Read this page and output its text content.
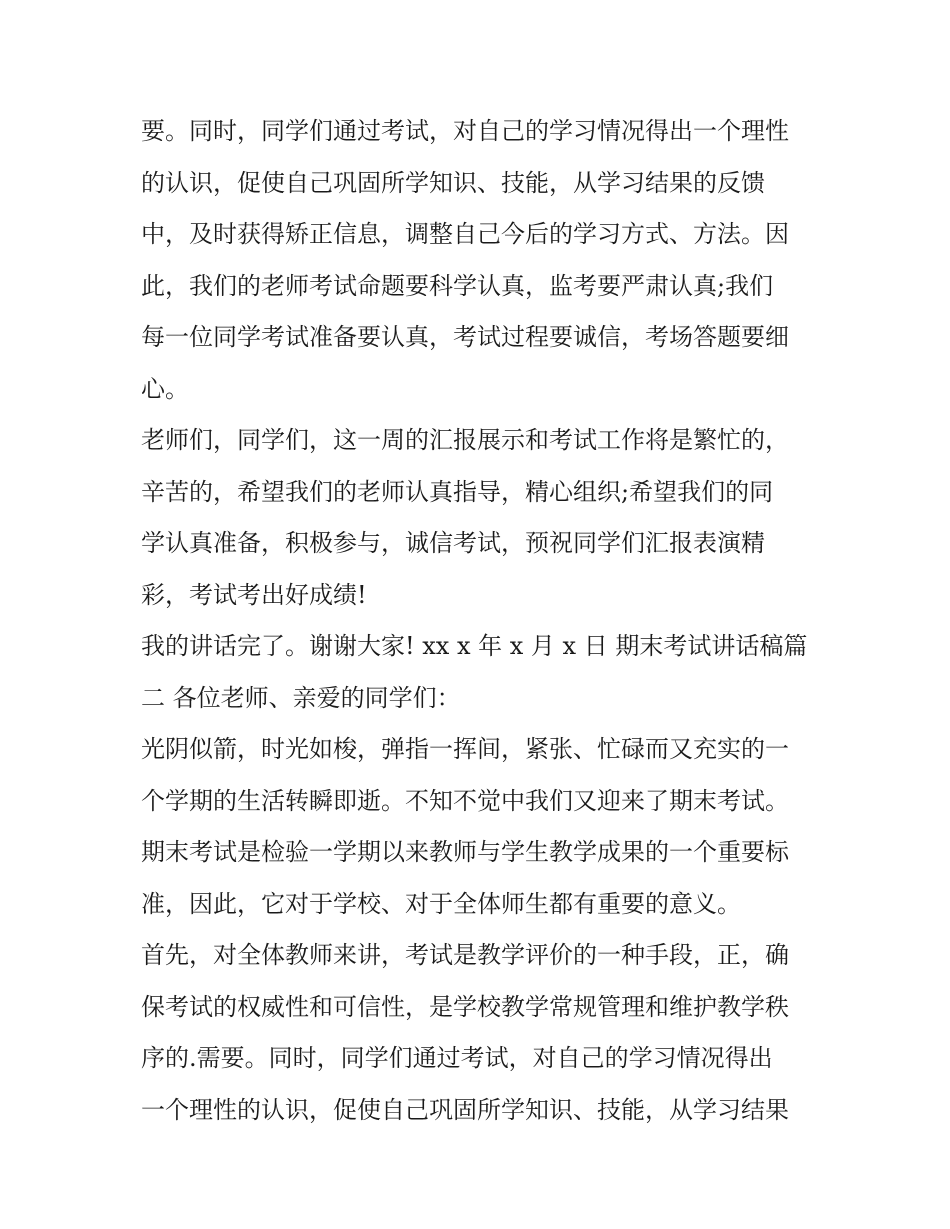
要。同时，同学们通过考试，对自己的学习情况得出一个理性
的认识，促使自己巩固所学知识、技能，从学习结果的反馈
中，及时获得矫正信息，调整自己今后的学习方式、方法。因
此，我们的老师考试命题要科学认真，监考要严肃认真;我们
每一位同学考试准备要认真，考试过程要诚信，考场答题要细
心。
老师们，同学们，这一周的汇报展示和考试工作将是繁忙的，
辛苦的，希望我们的老师认真指导，精心组织;希望我们的同
学认真准备，积极参与，诚信考试，预祝同学们汇报表演精
彩，考试考出好成绩!
我的讲话完了。谢谢大家! xx x 年 x 月 x 日 期末考试讲话稿篇
二 各位老师、亲爱的同学们：
光阴似箭，时光如梭，弹指一挥间，紧张、忙碌而又充实的一
个学期的生活转瞬即逝。不知不觉中我们又迎来了期末考试。
期末考试是检验一学期以来教师与学生教学成果的一个重要标
准，因此，它对于学校、对于全体师生都有重要的意义。
首先，对全体教师来讲，考试是教学评价的一种手段，正，确
保考试的权威性和可信性，是学校教学常规管理和维护教学秩
序的.需要。同时，同学们通过考试，对自己的学习情况得出
一个理性的认识，促使自己巩固所学知识、技能，从学习结果
